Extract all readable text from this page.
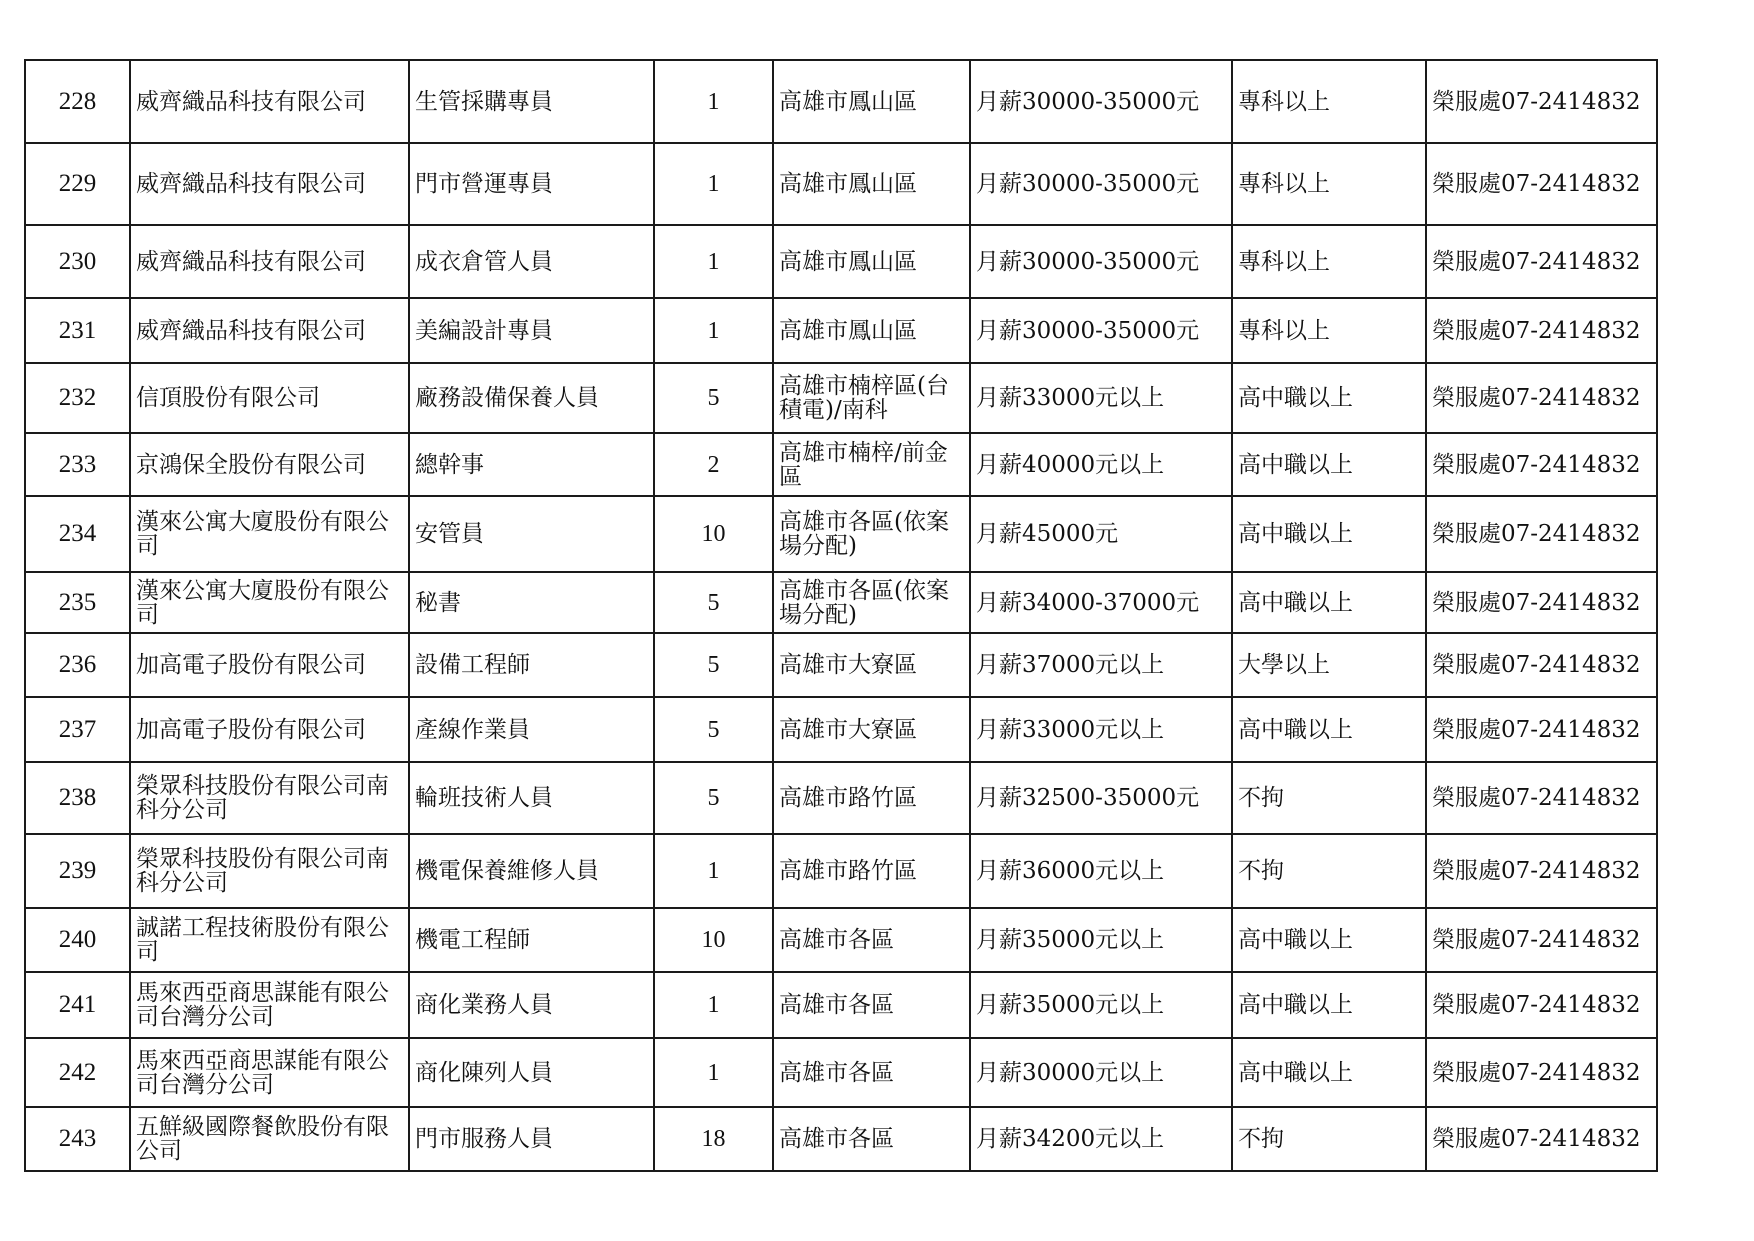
228	威齊織品科技有限公司	生管採購專員	1	高雄市鳳山區	月薪30000-35000元	專科以上	榮服處07-2414832
229	威齊織品科技有限公司	門市營運專員	1	高雄市鳳山區	月薪30000-35000元	專科以上	榮服處07-2414832
230	威齊織品科技有限公司	成衣倉管人員	1	高雄市鳳山區	月薪30000-35000元	專科以上	榮服處07-2414832
231	威齊織品科技有限公司	美編設計專員	1	高雄市鳳山區	月薪30000-35000元	專科以上	榮服處07-2414832
232	信頂股份有限公司	廠務設備保養人員	5	高雄市楠梓區(台積電)/南科	月薪33000元以上	高中職以上	榮服處07-2414832
233	京鴻保全股份有限公司	總幹事	2	高雄市楠梓/前金區	月薪40000元以上	高中職以上	榮服處07-2414832
234	漢來公寓大廈股份有限公司	安管員	10	高雄市各區(依案場分配)	月薪45000元	高中職以上	榮服處07-2414832
235	漢來公寓大廈股份有限公司	秘書	5	高雄市各區(依案場分配)	月薪34000-37000元	高中職以上	榮服處07-2414832
236	加高電子股份有限公司	設備工程師	5	高雄市大寮區	月薪37000元以上	大學以上	榮服處07-2414832
237	加高電子股份有限公司	產線作業員	5	高雄市大寮區	月薪33000元以上	高中職以上	榮服處07-2414832
238	榮眾科技股份有限公司南科分公司	輪班技術人員	5	高雄市路竹區	月薪32500-35000元	不拘	榮服處07-2414832
239	榮眾科技股份有限公司南科分公司	機電保養維修人員	1	高雄市路竹區	月薪36000元以上	不拘	榮服處07-2414832
240	誠諾工程技術股份有限公司	機電工程師	10	高雄市各區	月薪35000元以上	高中職以上	榮服處07-2414832
241	馬來西亞商思謀能有限公司台灣分公司	商化業務人員	1	高雄市各區	月薪35000元以上	高中職以上	榮服處07-2414832
242	馬來西亞商思謀能有限公司台灣分公司	商化陳列人員	1	高雄市各區	月薪30000元以上	高中職以上	榮服處07-2414832
243	五鮮級國際餐飲股份有限公司	門市服務人員	18	高雄市各區	月薪34200元以上	不拘	榮服處07-2414832
